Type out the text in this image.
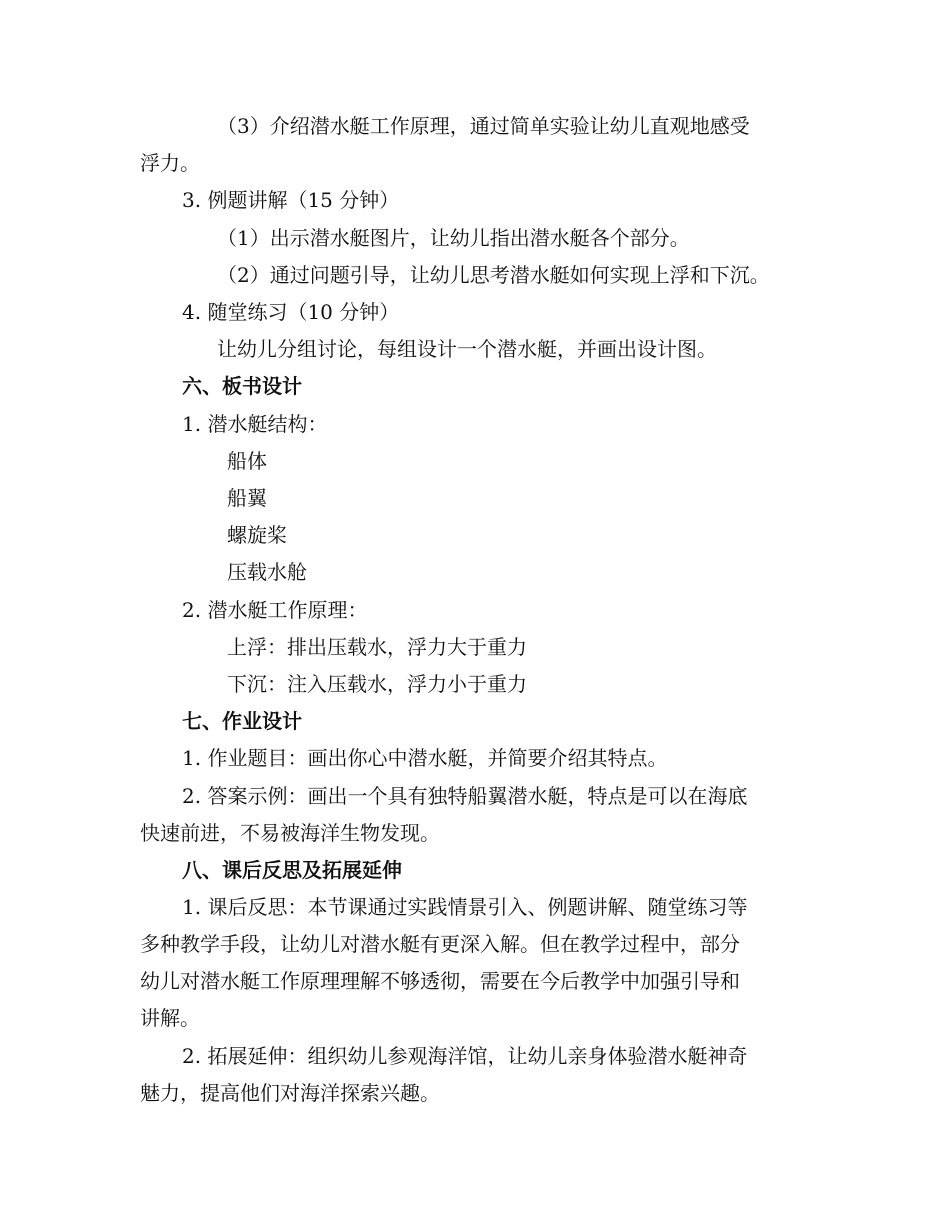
（3）介绍潜水艇工作原理，通过简单实验让幼儿直观地感受
浮力。
3. 例题讲解（15 分钟）
（1）出示潜水艇图片，让幼儿指出潜水艇各个部分。
（2）通过问题引导，让幼儿思考潜水艇如何实现上浮和下沉。
4. 随堂练习（10 分钟）
让幼儿分组讨论，每组设计一个潜水艇，并画出设计图。
六、板书设计
1. 潜水艇结构：
船体
船翼
螺旋桨
压载水舱
2. 潜水艇工作原理：
上浮：排出压载水，浮力大于重力
下沉：注入压载水，浮力小于重力
七、作业设计
1. 作业题目：画出你心中潜水艇，并简要介绍其特点。
2. 答案示例：画出一个具有独特船翼潜水艇，特点是可以在海底
快速前进，不易被海洋生物发现。
八、课后反思及拓展延伸
1. 课后反思：本节课通过实践情景引入、例题讲解、随堂练习等
多种教学手段，让幼儿对潜水艇有更深入解。但在教学过程中，部分
幼儿对潜水艇工作原理理解不够透彻，需要在今后教学中加强引导和
讲解。
2. 拓展延伸：组织幼儿参观海洋馆，让幼儿亲身体验潜水艇神奇
魅力，提高他们对海洋探索兴趣。
